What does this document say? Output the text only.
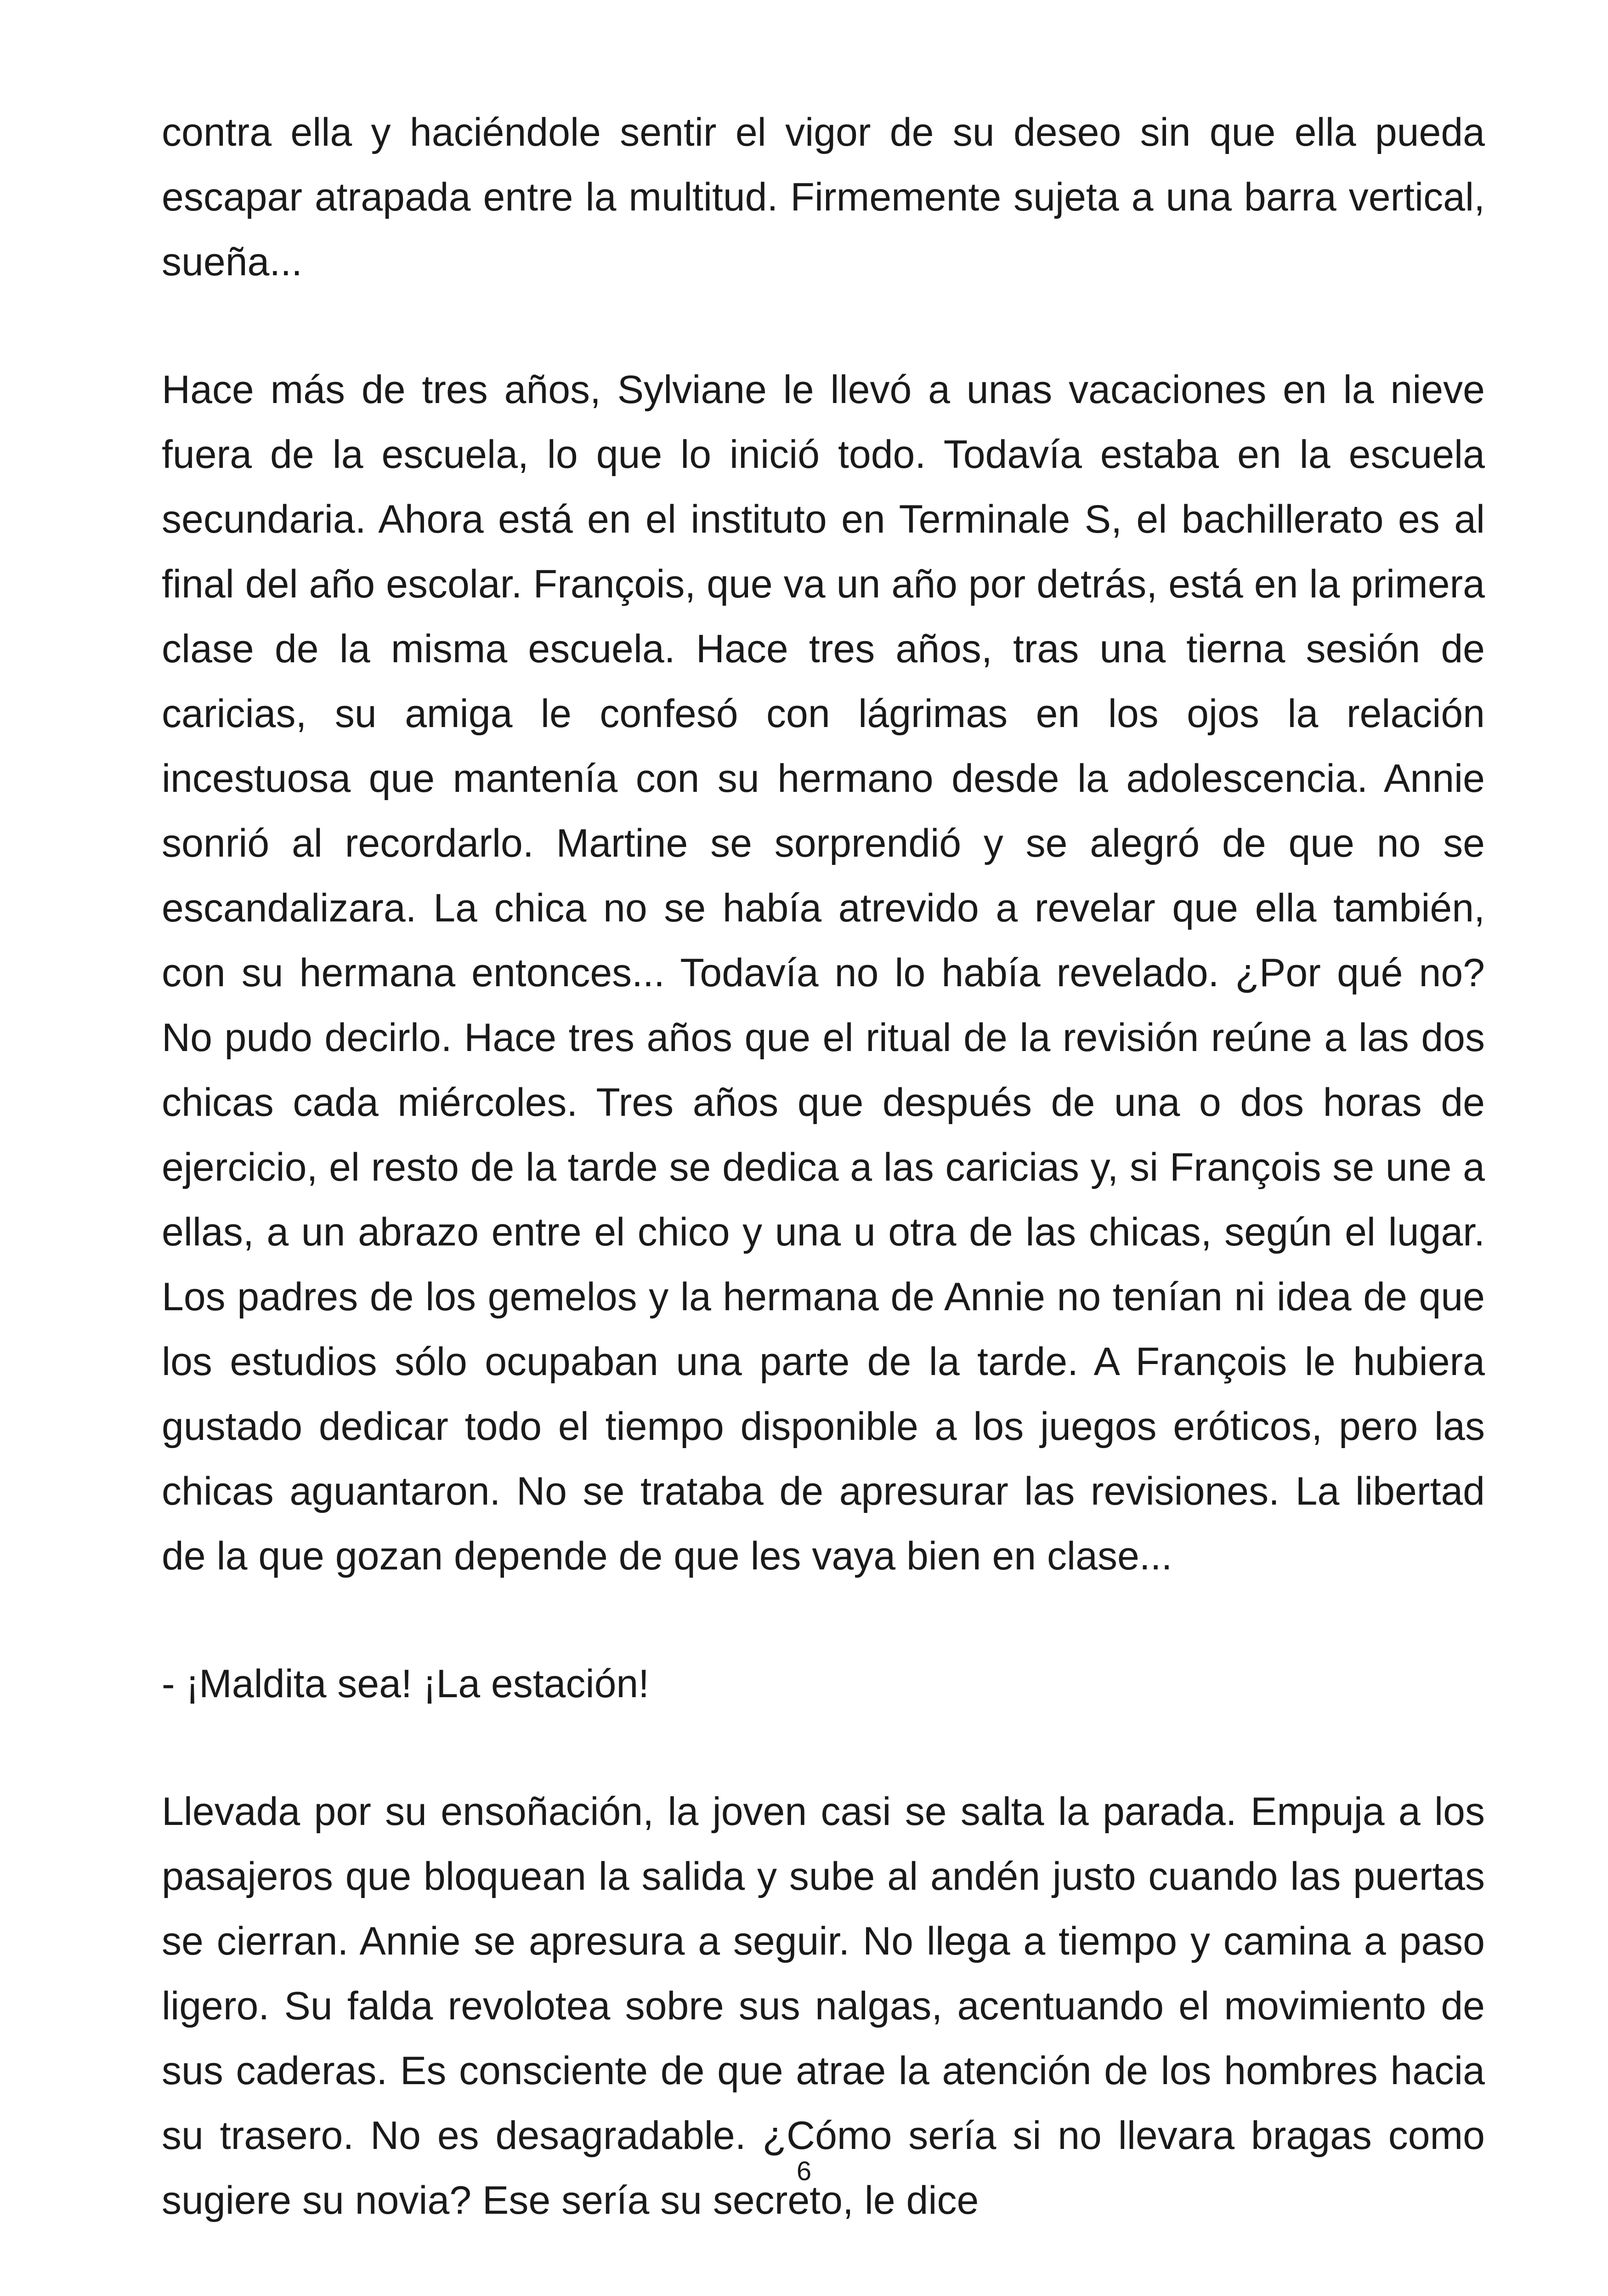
contra ella y haciéndole sentir el vigor de su deseo sin que ella pueda escapar atrapada entre la multitud. Firmemente sujeta a una barra vertical, sueña...

Hace más de tres años, Sylviane le llevó a unas vacaciones en la nieve fuera de la escuela, lo que lo inició todo. Todavía estaba en la escuela secundaria. Ahora está en el instituto en Terminale S, el bachillerato es al final del año escolar. François, que va un año por detrás, está en la primera clase de la misma escuela. Hace tres años, tras una tierna sesión de caricias, su amiga le confesó con lágrimas en los ojos la relación incestuosa que mantenía con su hermano desde la adolescencia. Annie sonrió al recordarlo. Martine se sorprendió y se alegró de que no se escandalizara. La chica no se había atrevido a revelar que ella también, con su hermana entonces... Todavía no lo había revelado. ¿Por qué no? No pudo decirlo. Hace tres años que el ritual de la revisión reúne a las dos chicas cada miércoles. Tres años que después de una o dos horas de ejercicio, el resto de la tarde se dedica a las caricias y, si François se une a ellas, a un abrazo entre el chico y una u otra de las chicas, según el lugar. Los padres de los gemelos y la hermana de Annie no tenían ni idea de que los estudios sólo ocupaban una parte de la tarde. A François le hubiera gustado dedicar todo el tiempo disponible a los juegos eróticos, pero las chicas aguantaron. No se trataba de apresurar las revisiones. La libertad de la que gozan depende de que les vaya bien en clase...

- ¡Maldita sea! ¡La estación!

Llevada por su ensoñación, la joven casi se salta la parada. Empuja a los pasajeros que bloquean la salida y sube al andén justo cuando las puertas se cierran. Annie se apresura a seguir. No llega a tiempo y camina a paso ligero. Su falda revolotea sobre sus nalgas, acentuando el movimiento de sus caderas. Es consciente de que atrae la atención de los hombres hacia su trasero. No es desagradable. ¿Cómo sería si no llevara bragas como sugiere su novia? Ese sería su secreto, le dice

6
